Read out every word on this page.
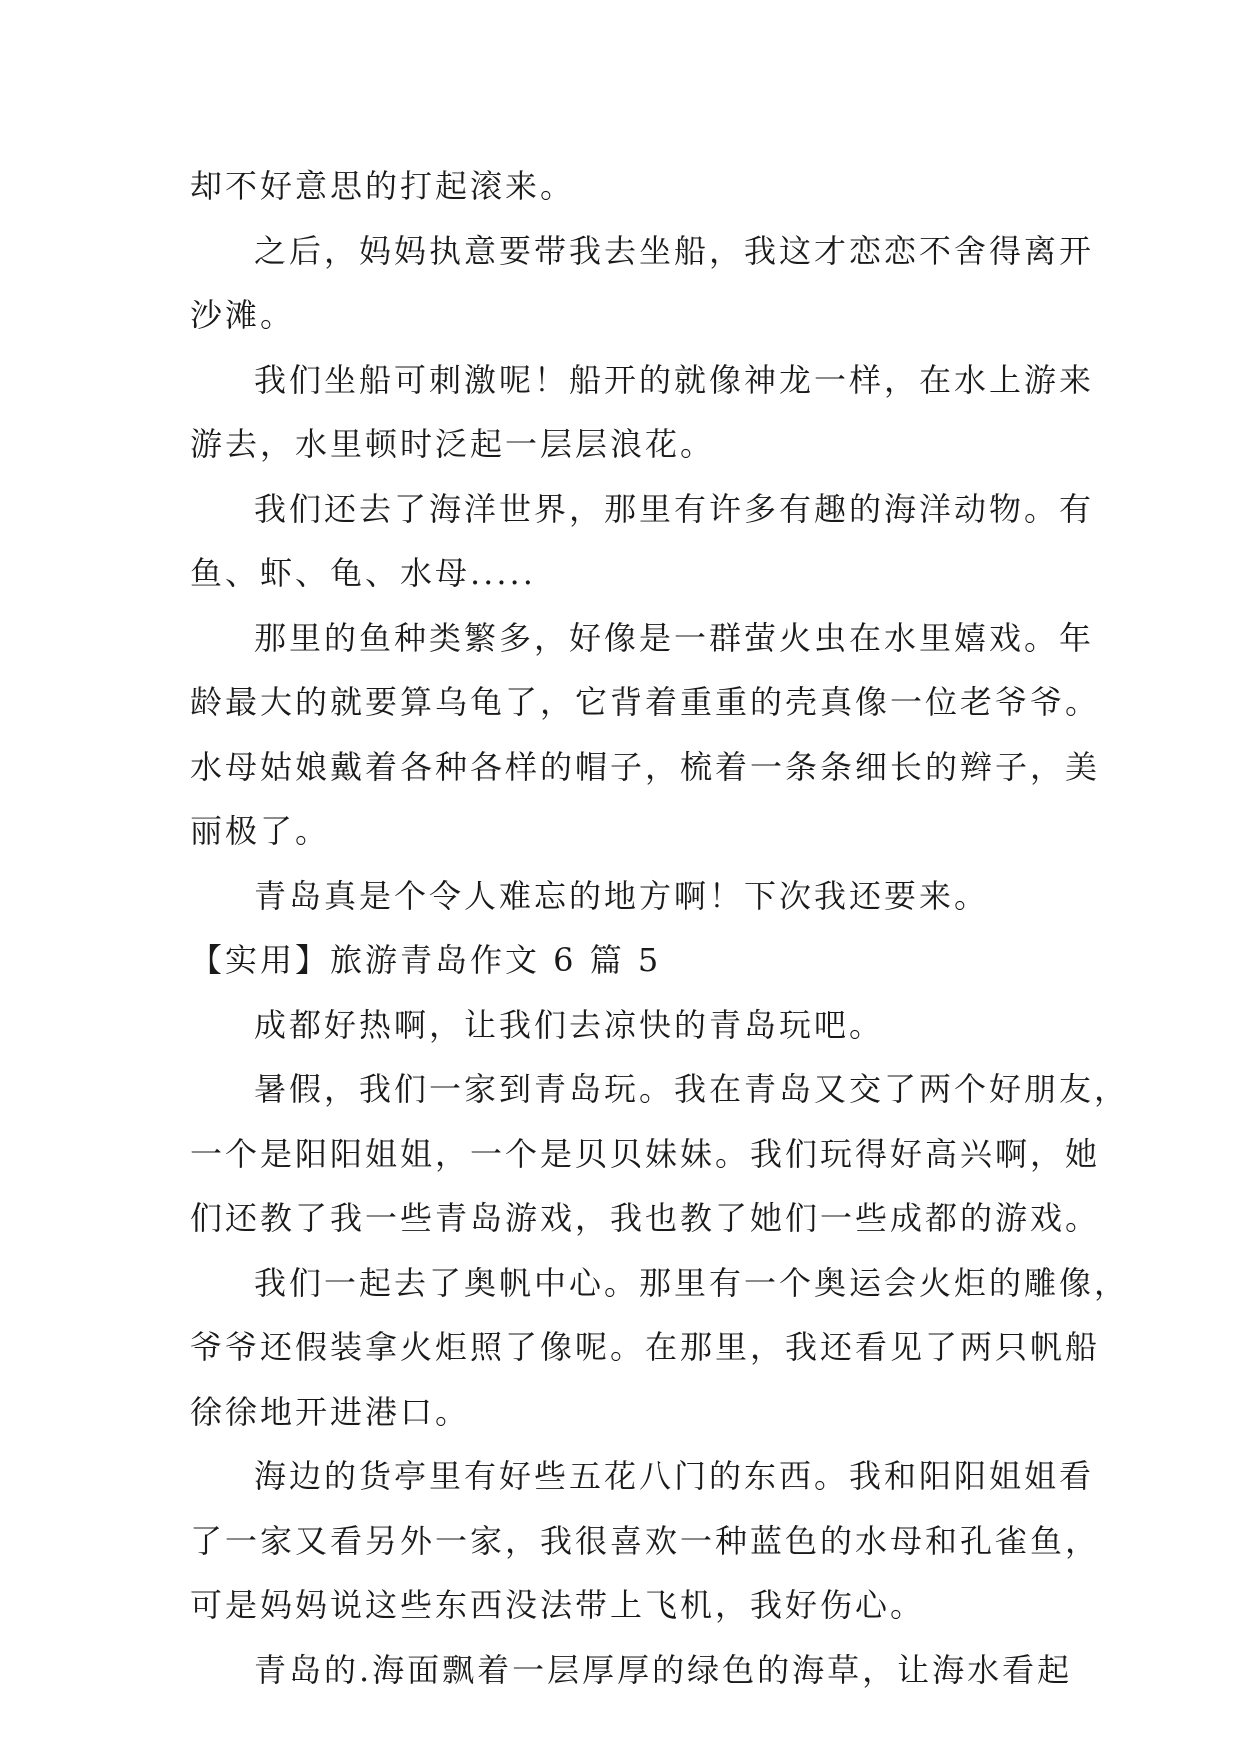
却不好意思的打起滚来。
之后，妈妈执意要带我去坐船，我这才恋恋不舍得离开
沙滩。
我们坐船可刺激呢！船开的就像神龙一样，在水上游来
游去，水里顿时泛起一层层浪花。
我们还去了海洋世界，那里有许多有趣的海洋动物。有
鱼、虾、龟、水母.....
那里的鱼种类繁多，好像是一群萤火虫在水里嬉戏。年
龄最大的就要算乌龟了，它背着重重的壳真像一位老爷爷。
水母姑娘戴着各种各样的帽子，梳着一条条细长的辫子，美
丽极了。
青岛真是个令人难忘的地方啊！下次我还要来。
【实用】旅游青岛作文 6 篇 5
成都好热啊，让我们去凉快的青岛玩吧。
暑假，我们一家到青岛玩。我在青岛又交了两个好朋友，
一个是阳阳姐姐，一个是贝贝妹妹。我们玩得好高兴啊，她
们还教了我一些青岛游戏，我也教了她们一些成都的游戏。
我们一起去了奥帆中心。那里有一个奥运会火炬的雕像，
爷爷还假装拿火炬照了像呢。在那里，我还看见了两只帆船
徐徐地开进港口。
海边的货亭里有好些五花八门的东西。我和阳阳姐姐看
了一家又看另外一家，我很喜欢一种蓝色的水母和孔雀鱼，
可是妈妈说这些东西没法带上飞机，我好伤心。
青岛的.海面飘着一层厚厚的绿色的海草，让海水看起
